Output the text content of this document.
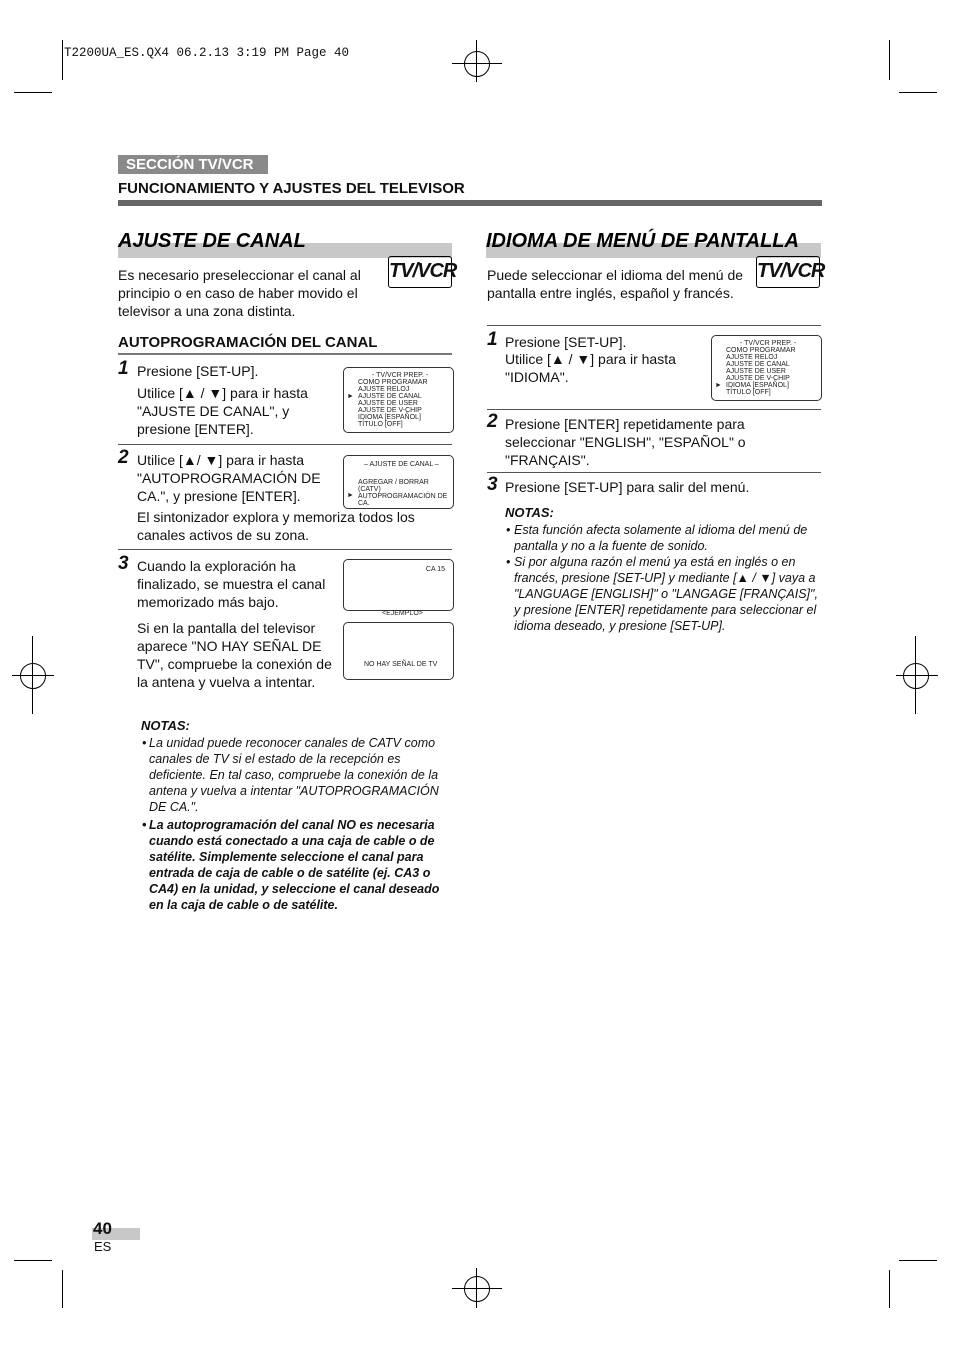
T2200UA_ES.QX4 06.2.13 3:19 PM Page 40
SECCIÓN TV/VCR
FUNCIONAMIENTO Y AJUSTES DEL TELEVISOR
AJUSTE DE CANAL
TV/VCR
Es necesario preseleccionar el canal al principio o en caso de haber movido el televisor a una zona distinta.
AUTOPROGRAMACIÓN DEL CANAL
1 Presione [SET-UP].
Utilice [▲ / ▼] para ir hasta "AJUSTE DE CANAL", y presione [ENTER].
- TV/VCR PREP. -
COMO PROGRAMAR
AJUSTE RELOJ
► AJUSTE DE CANAL
AJUSTE DE USER
AJUSTE DE V-CHIP
IDIOMA [ESPAÑOL]
TÍTULO [OFF]
2 Utilice [▲/ ▼] para ir hasta "AUTOPROGRAMACIÓN DE CA.", y presione [ENTER].
– AJUSTE DE CANAL –
AGREGAR / BORRAR (CATV)
► AUTOPROGRAMACIÓN DE CA.
El sintonizador explora y memoriza todos los canales activos de su zona.
3 Cuando la exploración ha finalizado, se muestra el canal memorizado más bajo.
CA 15
<EJEMPLO>
Si en la pantalla del televisor aparece "NO HAY SEÑAL DE TV", compruebe la conexión de la antena y vuelva a intentar.
NO HAY SEÑAL DE TV
NOTAS:
• La unidad puede reconocer canales de CATV como canales de TV si el estado de la recepción es deficiente. En tal caso, compruebe la conexión de la antena y vuelva a intentar "AUTOPROGRAMACIÓN DE CA.".
• La autoprogramación del canal NO es necesaria cuando está conectado a una caja de cable o de satélite. Simplemente seleccione el canal para entrada de caja de cable o de satélite (ej. CA3 o CA4) en la unidad, y seleccione el canal deseado en la caja de cable o de satélite.
IDIOMA DE MENÚ DE PANTALLA
TV/VCR
Puede seleccionar el idioma del menú de pantalla entre inglés, español y francés.
1 Presione [SET-UP].
Utilice [▲ / ▼] para ir hasta "IDIOMA".
- TV/VCR PREP. -
COMO PROGRAMAR
AJUSTE RELOJ
AJUSTE DE CANAL
AJUSTE DE USER
AJUSTE DE V-CHIP
► IDIOMA [ESPAÑOL]
TÍTULO [OFF]
2 Presione [ENTER] repetidamente para seleccionar "ENGLISH", "ESPAÑOL" o "FRANÇAIS".
3 Presione [SET-UP] para salir del menú.
NOTAS:
• Esta función afecta solamente al idioma del menú de pantalla y no a la fuente de sonido.
• Si por alguna razón el menú ya está en inglés o en francés, presione [SET-UP] y mediante [▲ / ▼] vaya a "LANGUAGE [ENGLISH]" o "LANGAGE [FRANÇAIS]", y presione [ENTER] repetidamente para seleccionar el idioma deseado, y presione [SET-UP].
40
ES
